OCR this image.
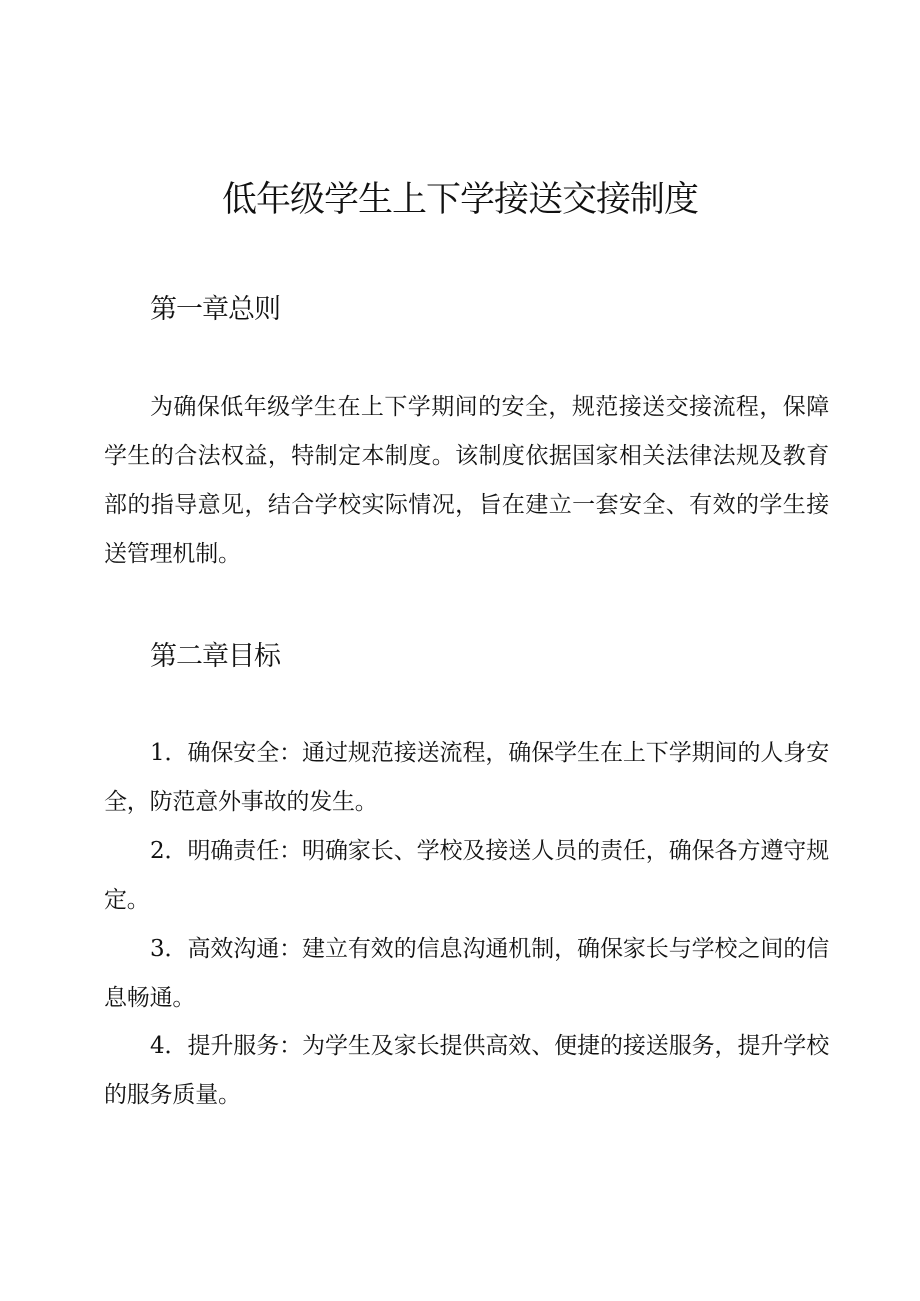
低年级学生上下学接送交接制度
第一章总则

为确保低年级学生在上下学期间的安全，规范接送交接流程，保障学生的合法权益，特制定本制度。该制度依据国家相关法律法规及教育部的指导意见，结合学校实际情况，旨在建立一套安全、有效的学生接送管理机制。

第二章目标

1．确保安全：通过规范接送流程，确保学生在上下学期间的人身安全，防范意外事故的发生。

2．明确责任：明确家长、学校及接送人员的责任，确保各方遵守规定。

3．高效沟通：建立有效的信息沟通机制，确保家长与学校之间的信息畅通。

4．提升服务：为学生及家长提供高效、便捷的接送服务，提升学校的服务质量。
